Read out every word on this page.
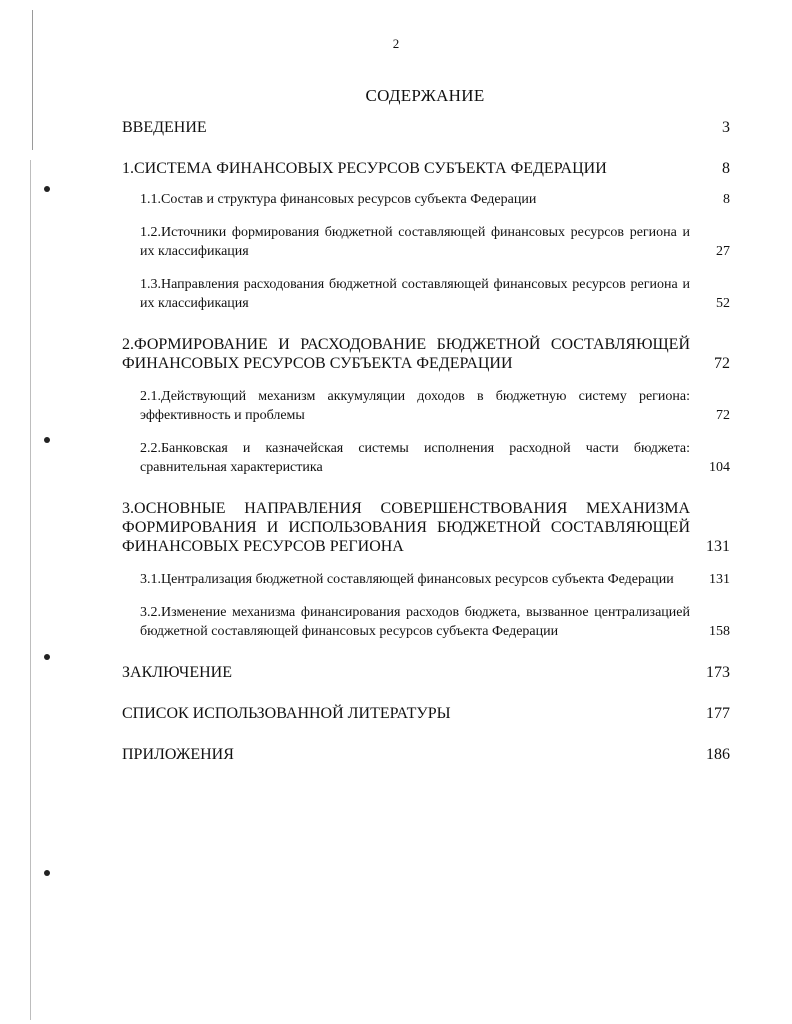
2
СОДЕРЖАНИЕ
ВВЕДЕНИЕ	3
1.СИСТЕМА ФИНАНСОВЫХ РЕСУРСОВ СУБЪЕКТА ФЕДЕРАЦИИ	8
1.1.Состав и структура финансовых ресурсов субъекта Федерации	8
1.2.Источники формирования бюджетной составляющей финансовых ресурсов региона и их классификация	27
1.3.Направления расходования бюджетной составляющей финансовых ресурсов региона и их классификация	52
2.ФОРМИРОВАНИЕ И РАСХОДОВАНИЕ БЮДЖЕТНОЙ СОСТАВЛЯЮЩЕЙ ФИНАНСОВЫХ РЕСУРСОВ СУБЪЕКТА ФЕДЕРАЦИИ	72
2.1.Действующий механизм аккумуляции доходов в бюджетную систему региона: эффективность и проблемы	72
2.2.Банковская и казначейская системы исполнения расходной части бюджета: сравнительная характеристика	104
3.ОСНОВНЫЕ НАПРАВЛЕНИЯ СОВЕРШЕНСТВОВАНИЯ МЕХАНИЗМА ФОРМИРОВАНИЯ И ИСПОЛЬЗОВАНИЯ БЮДЖЕТНОЙ СОСТАВЛЯЮЩЕЙ ФИНАНСОВЫХ РЕСУРСОВ РЕГИОНА	131
3.1.Централизация бюджетной составляющей финансовых ресурсов субъекта Федерации	131
3.2.Изменение механизма финансирования расходов бюджета, вызванное централизацией бюджетной составляющей финансовых ресурсов субъекта Федерации	158
ЗАКЛЮЧЕНИЕ	173
СПИСОК ИСПОЛЬЗОВАННОЙ ЛИТЕРАТУРЫ	177
ПРИЛОЖЕНИЯ	186
